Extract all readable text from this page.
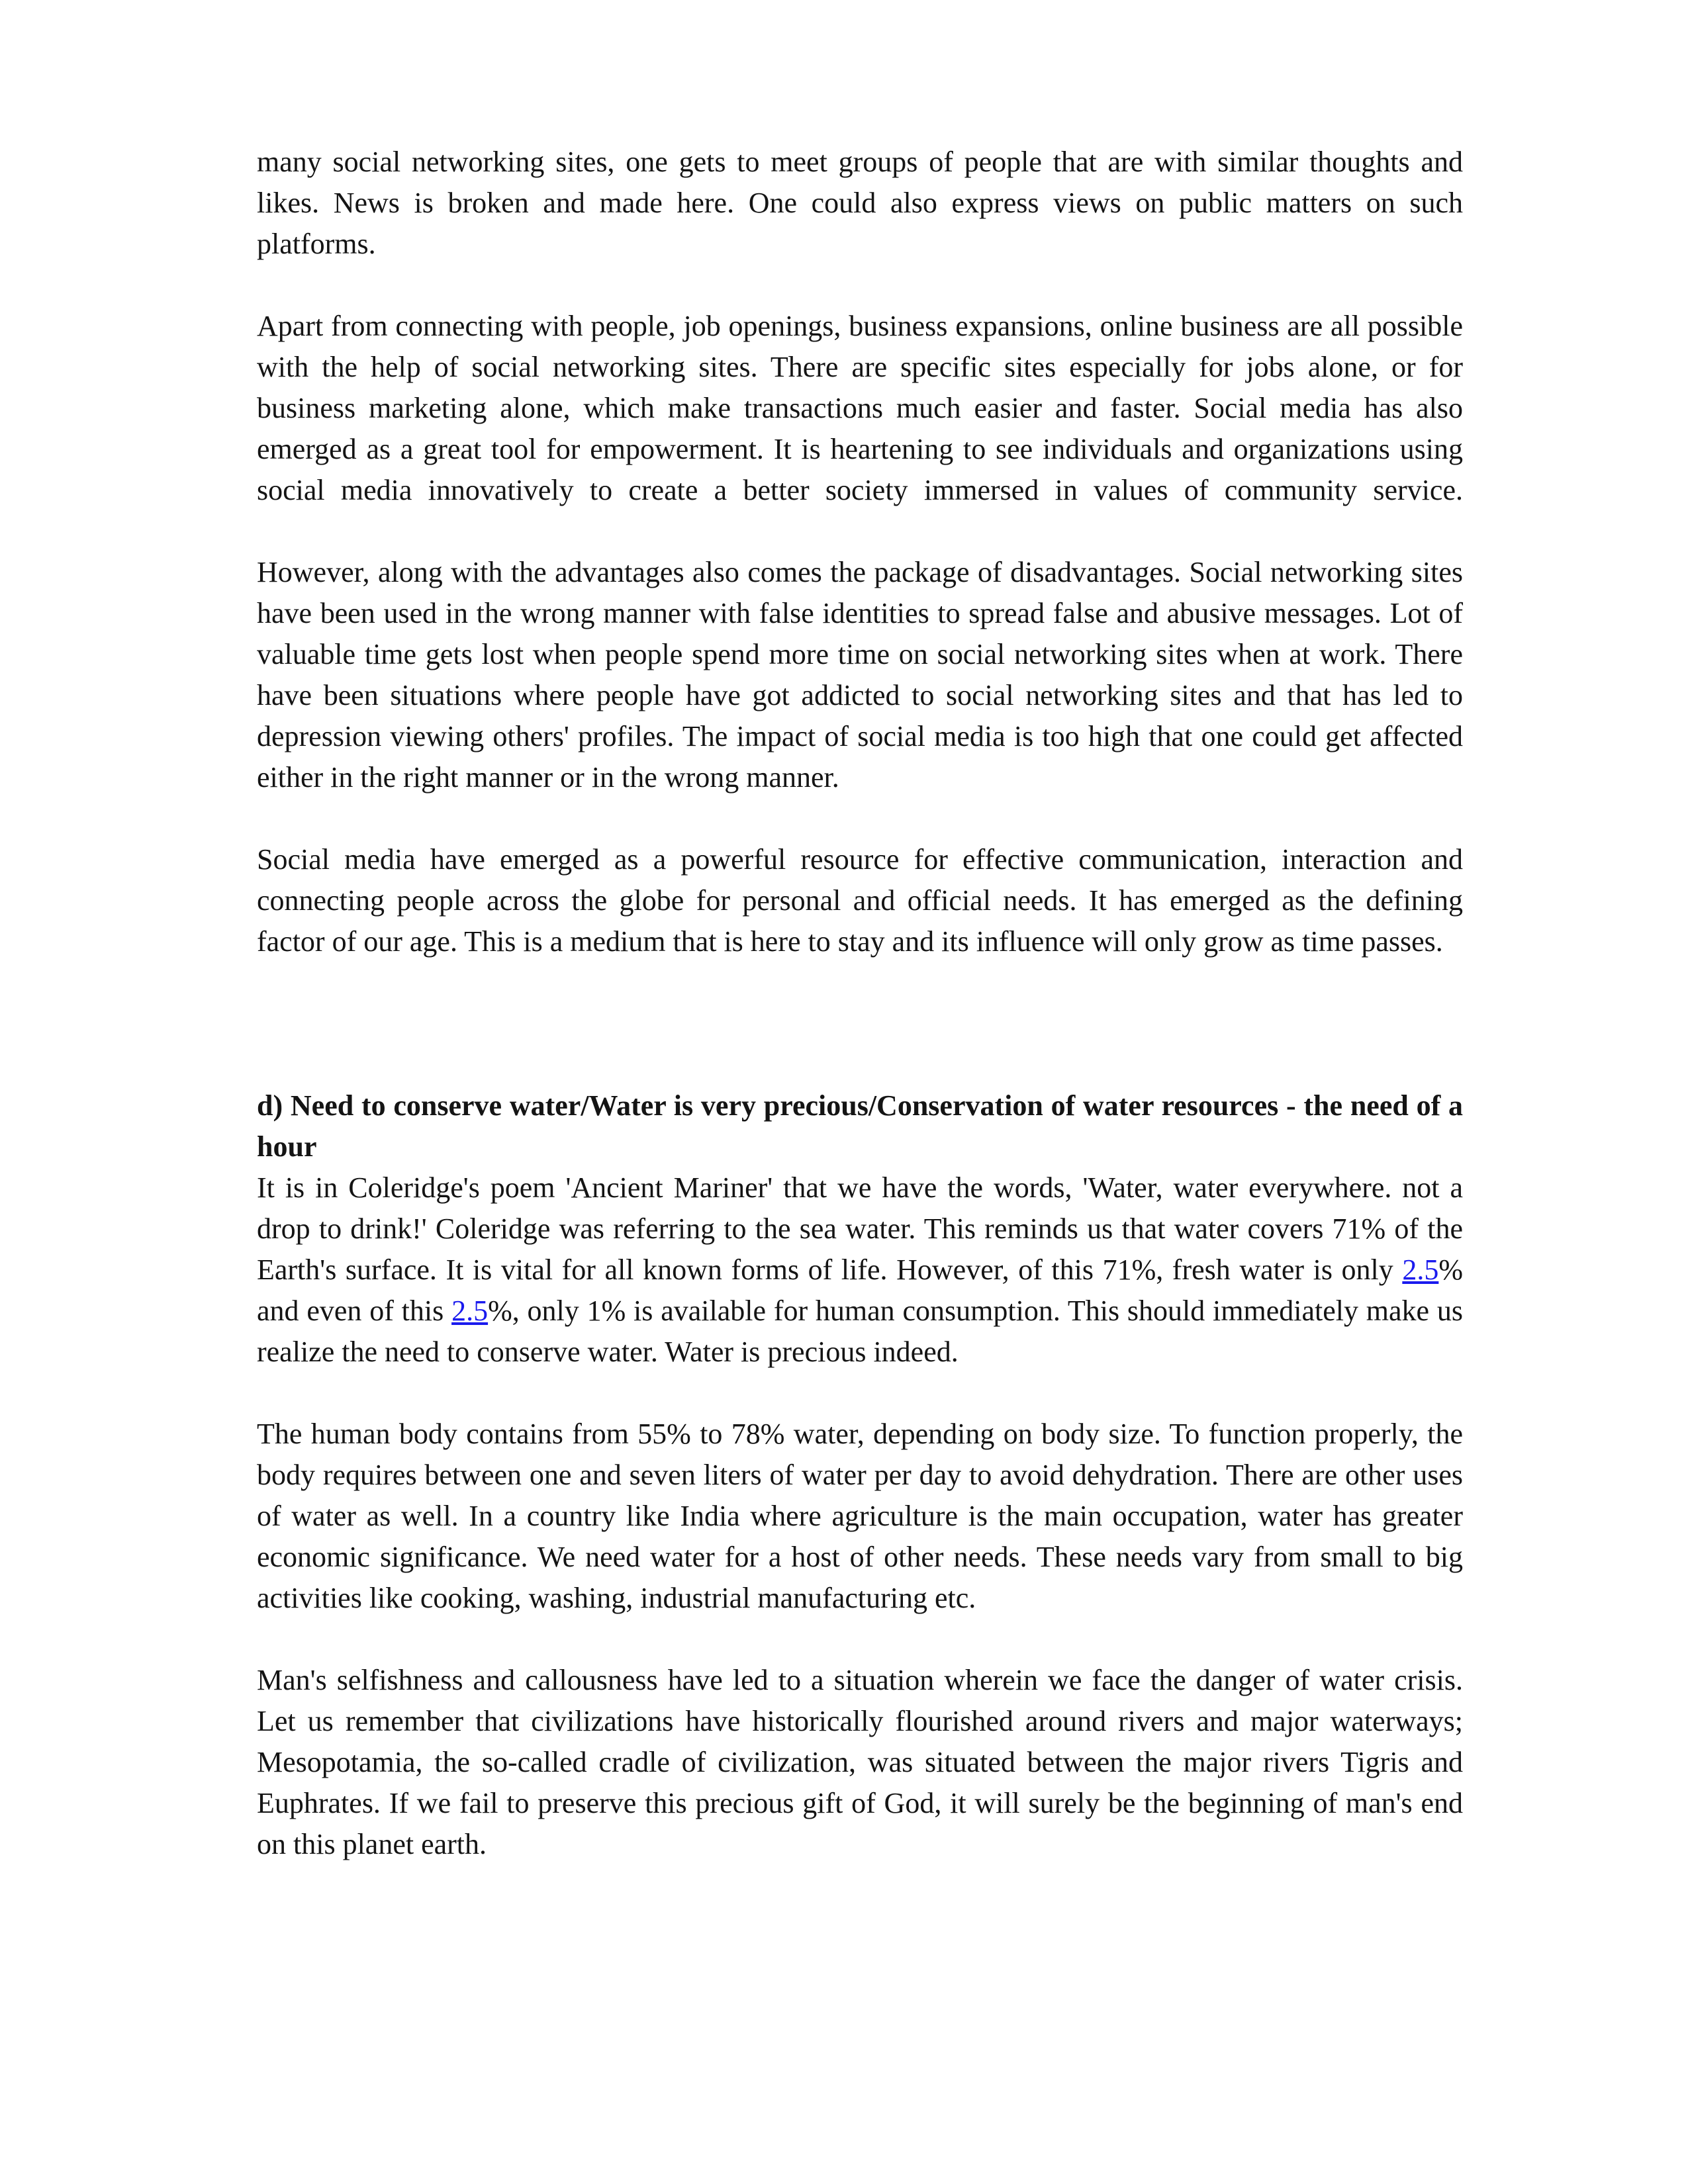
many social networking sites, one gets to meet groups of people that are with similar thoughts and likes. News is broken and made here. One could also express views on public matters on such platforms.

Apart from connecting with people, job openings, business expansions, online business are all possible with the help of social networking sites. There are specific sites especially for jobs alone, or for business marketing alone, which make transactions much easier and faster. Social media has also emerged as a great tool for empowerment. It is heartening to see individuals and organizations using social media innovatively to create a better society immersed in values of community service.

However, along with the advantages also comes the package of disadvantages. Social networking sites have been used in the wrong manner with false identities to spread false and abusive messages. Lot of valuable time gets lost when people spend more time on social networking sites when at work. There have been situations where people have got addicted to social networking sites and that has led to depression viewing others' profiles. The impact of social media is too high that one could get affected either in the right manner or in the wrong manner.

Social media have emerged as a powerful resource for effective communication, interaction and connecting people across the globe for personal and official needs. It has emerged as the defining factor of our age. This is a medium that is here to stay and its influence will only grow as time passes.

d) Need to conserve water/Water is very precious/Conservation of water resources - the need of a hour

It is in Coleridge's poem 'Ancient Mariner' that we have the words, 'Water, water everywhere. not a drop to drink!' Coleridge was referring to the sea water. This reminds us that water covers 71% of the Earth's surface. It is vital for all known forms of life. However, of this 71%, fresh water is only 2.5% and even of this 2.5%, only 1% is available for human consumption. This should immediately make us realize the need to conserve water. Water is precious indeed.

The human body contains from 55% to 78% water, depending on body size. To function properly, the body requires between one and seven liters of water per day to avoid dehydration. There are other uses of water as well. In a country like India where agriculture is the main occupation, water has greater economic significance. We need water for a host of other needs. These needs vary from small to big activities like cooking, washing, industrial manufacturing etc.

Man's selfishness and callousness have led to a situation wherein we face the danger of water crisis. Let us remember that civilizations have historically flourished around rivers and major waterways; Mesopotamia, the so-called cradle of civilization, was situated between the major rivers Tigris and Euphrates. If we fail to preserve this precious gift of God, it will surely be the beginning of man's end on this planet earth.
